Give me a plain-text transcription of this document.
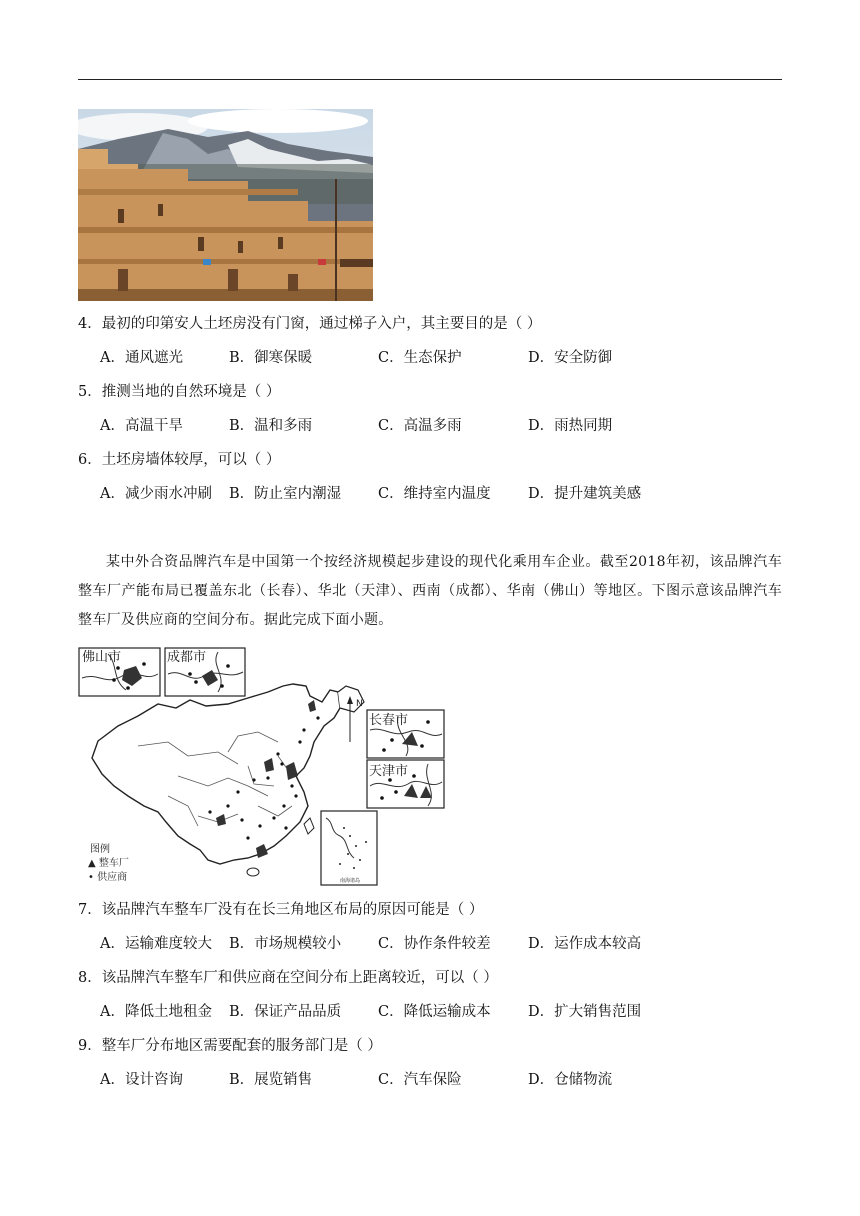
4．最初的印第安人土坯房没有门窗，通过梯子入户，其主要目的是（ ）
A．通风遮光	B．御寒保暖	C．生态保护	D．安全防御
5．推测当地的自然环境是（ ）
A．高温干旱	B．温和多雨	C．高温多雨	D．雨热同期
6．土坯房墙体较厚，可以（ ）
A．减少雨水冲刷 B．防止室内潮湿	C．维持室内温度	D．提升建筑美感

某中外合资品牌汽车是中国第一个按经济规模起步建设的现代化乘用车企业。截至2018年初，该品牌汽车整车厂产能布局已覆盖东北（长春）、华北（天津）、西南（成都）、华南（佛山）等地区。下图示意该品牌汽车整车厂及供应商的空间分布。据此完成下面小题。

佛山市	成都市
N
长春市
天津市
南海诸岛
图例
▲ 整车厂
• 供应商
7．该品牌汽车整车厂没有在长三角地区布局的原因可能是（ ）
A．运输难度较大 B．市场规模较小	C．协作条件较差	D．运作成本较高
8．该品牌汽车整车厂和供应商在空间分布上距离较近，可以（ ）
A．降低土地租金 B．保证产品品质	C．降低运输成本	D．扩大销售范围
9．整车厂分布地区需要配套的服务部门是（ ）
A．设计咨询	B．展览销售	C．汽车保险	D．仓储物流
